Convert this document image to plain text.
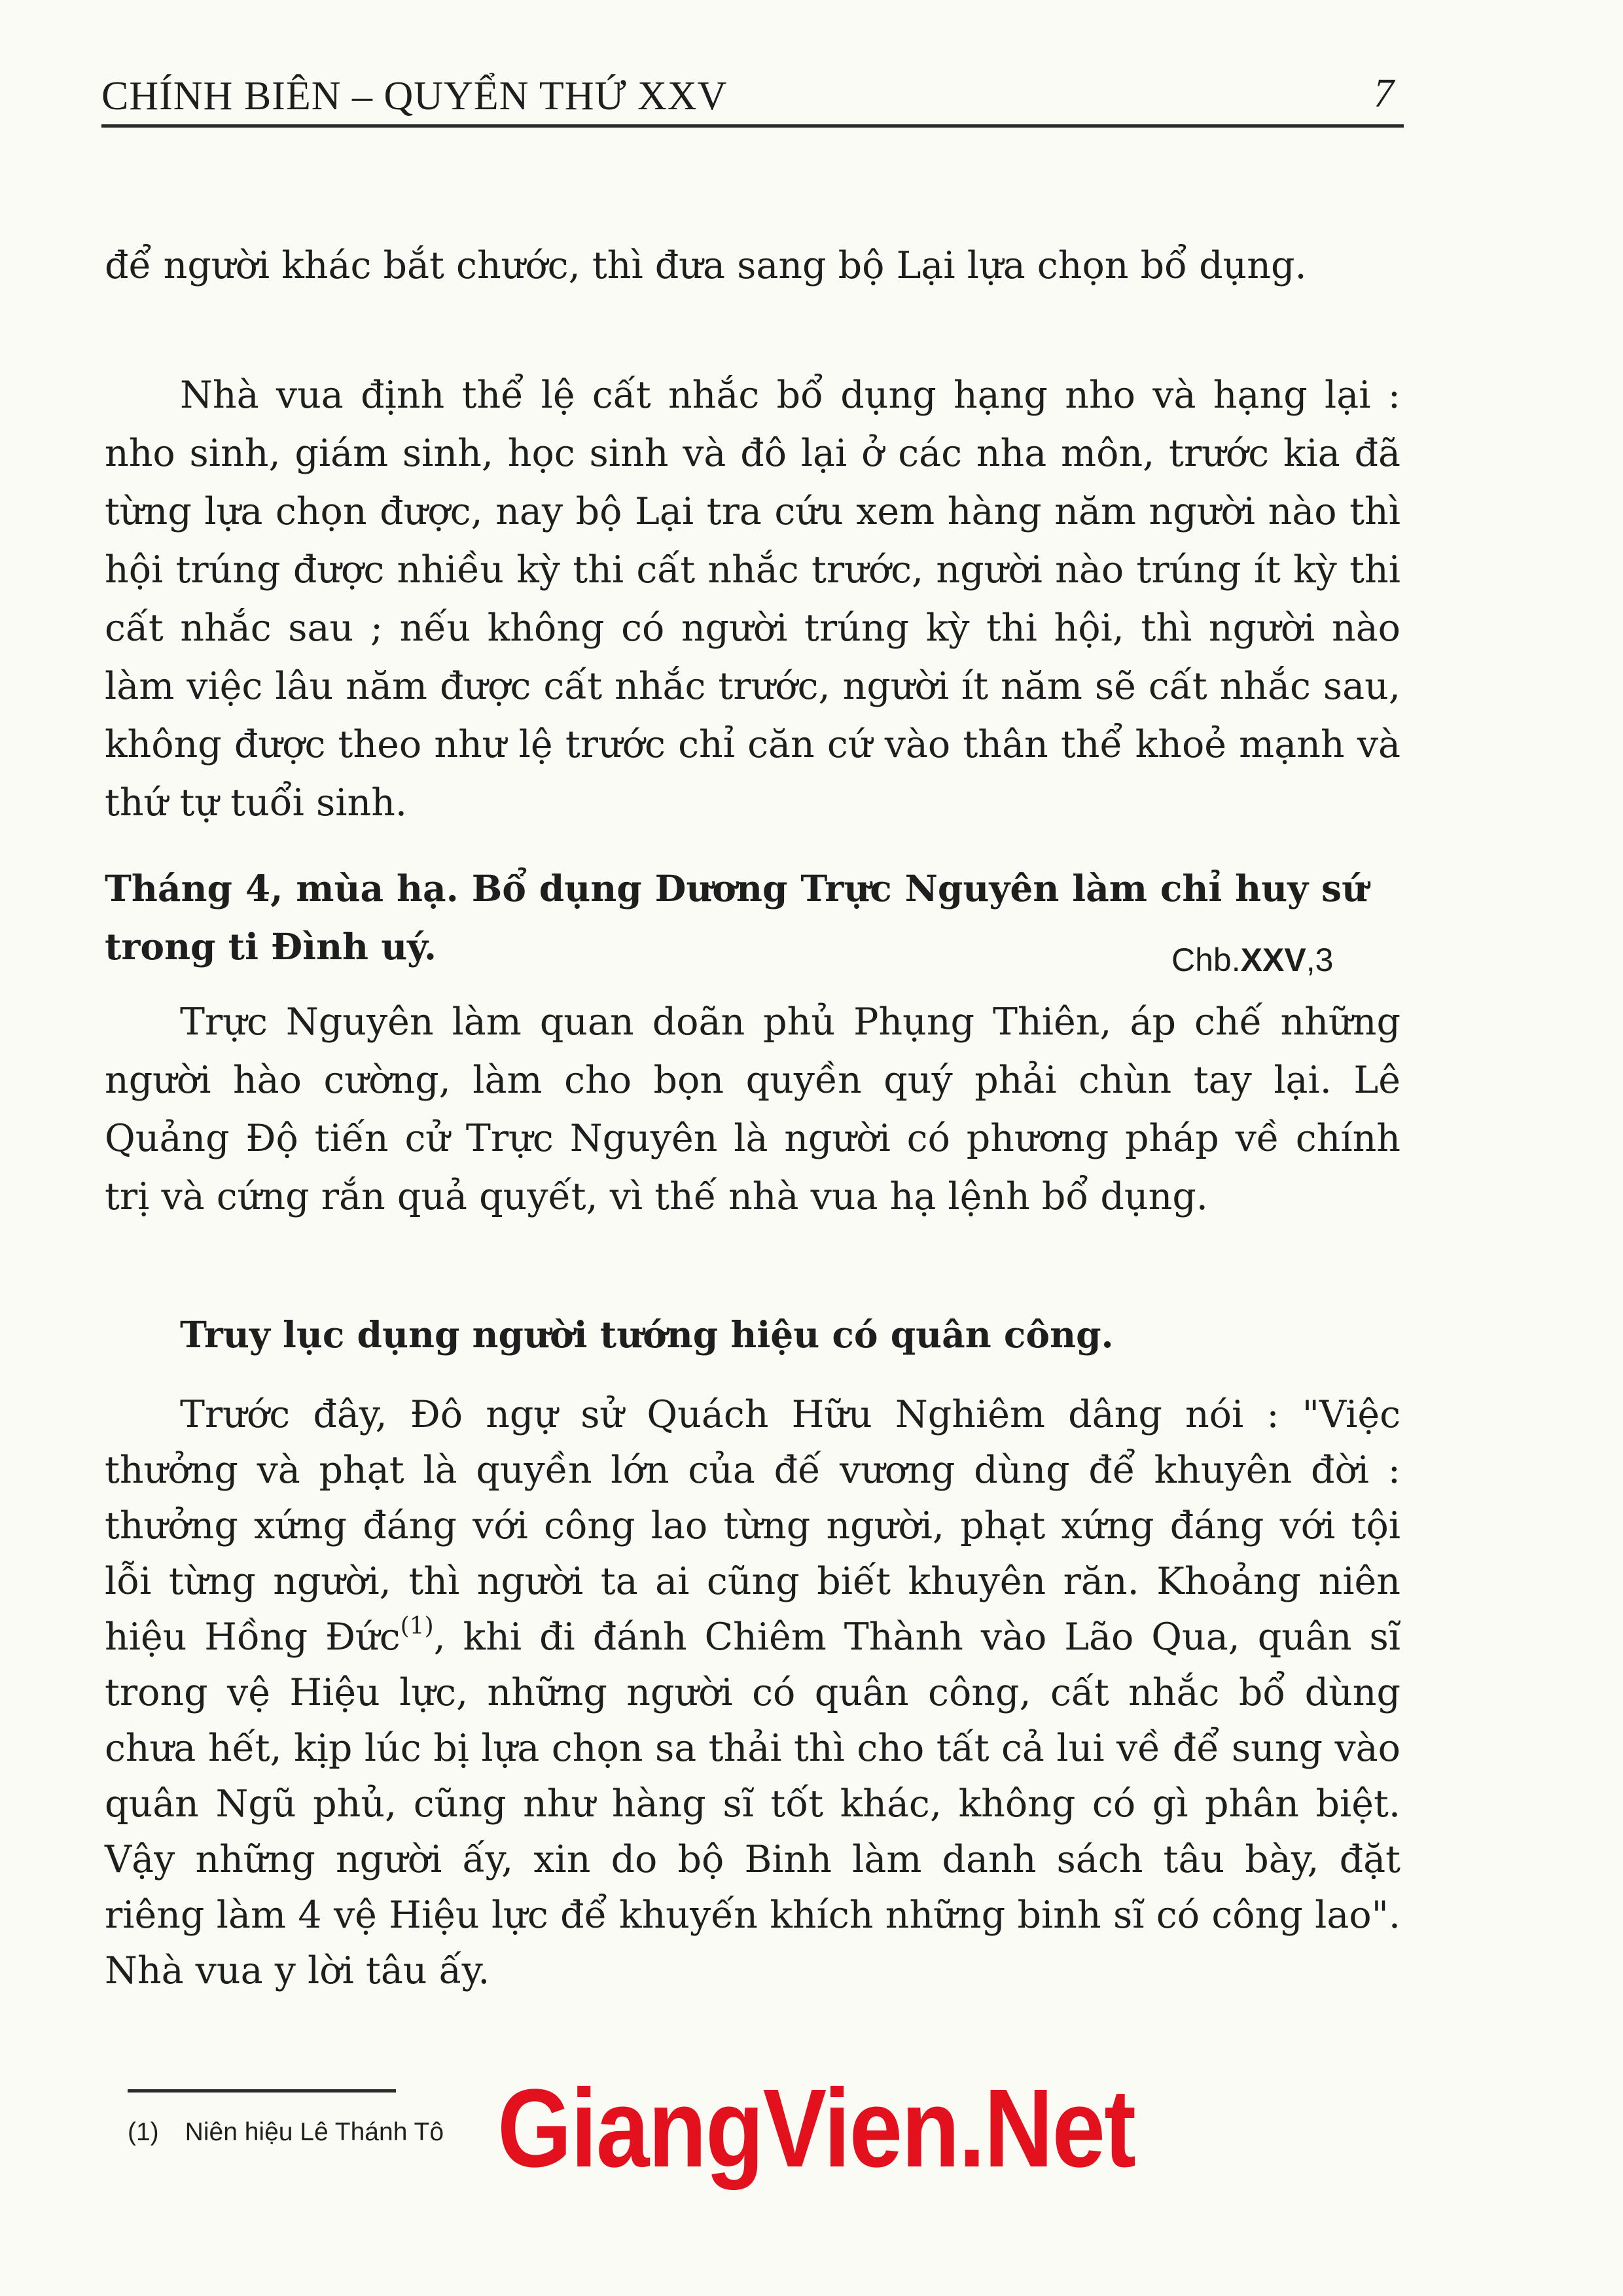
CHÍNH BIÊN – QUYỂN THỨ XXV	7
để người khác bắt chước, thì đưa sang bộ Lại lựa chọn bổ dụng.
Nhà vua định thể lệ cất nhắc bổ dụng hạng nho và hạng lại : nho sinh, giám sinh, học sinh và đô lại ở các nha môn, trước kia đã từng lựa chọn được, nay bộ Lại tra cứu xem hàng năm người nào thì hội trúng được nhiều kỳ thi cất nhắc trước, người nào trúng ít kỳ thi cất nhắc sau ; nếu không có người trúng kỳ thi hội, thì người nào làm việc lâu năm được cất nhắc trước, người ít năm sẽ cất nhắc sau, không được theo như lệ trước chỉ căn cứ vào thân thể khoẻ mạnh và thứ tự tuổi sinh.
Tháng 4, mùa hạ. Bổ dụng Dương Trực Nguyên làm chỉ huy sứ trong ti Đình uý.	Chb.XXV,3
Trực Nguyên làm quan doãn phủ Phụng Thiên, áp chế những người hào cường, làm cho bọn quyền quý phải chùn tay lại. Lê Quảng Độ tiến cử Trực Nguyên là người có phương pháp về chính trị và cứng rắn quả quyết, vì thế nhà vua hạ lệnh bổ dụng.
Truy lục dụng người tướng hiệu có quân công.
Trước đây, Đô ngự sử Quách Hữu Nghiêm dâng nói : "Việc thưởng và phạt là quyền lớn của đế vương dùng để khuyên đời : thưởng xứng đáng với công lao từng người, phạt xứng đáng với tội lỗi từng người, thì người ta ai cũng biết khuyên răn. Khoảng niên hiệu Hồng Đức$^{(1)}$, khi đi đánh Chiêm Thành vào Lão Qua, quân sĩ trong vệ Hiệu lực, những người có quân công, cất nhắc bổ dùng chưa hết, kịp lúc bị lựa chọn sa thải thì cho tất cả lui về để sung vào quân Ngũ phủ, cũng như hàng sĩ tốt khác, không có gì phân biệt. Vậy những người ấy, xin do bộ Binh làm danh sách tâu bày, đặt riêng làm 4 vệ Hiệu lực để khuyến khích những binh sĩ có công lao". Nhà vua y lời tâu ấy.
(1) Niên hiệu Lê Thánh Tô GiangVien.Net
